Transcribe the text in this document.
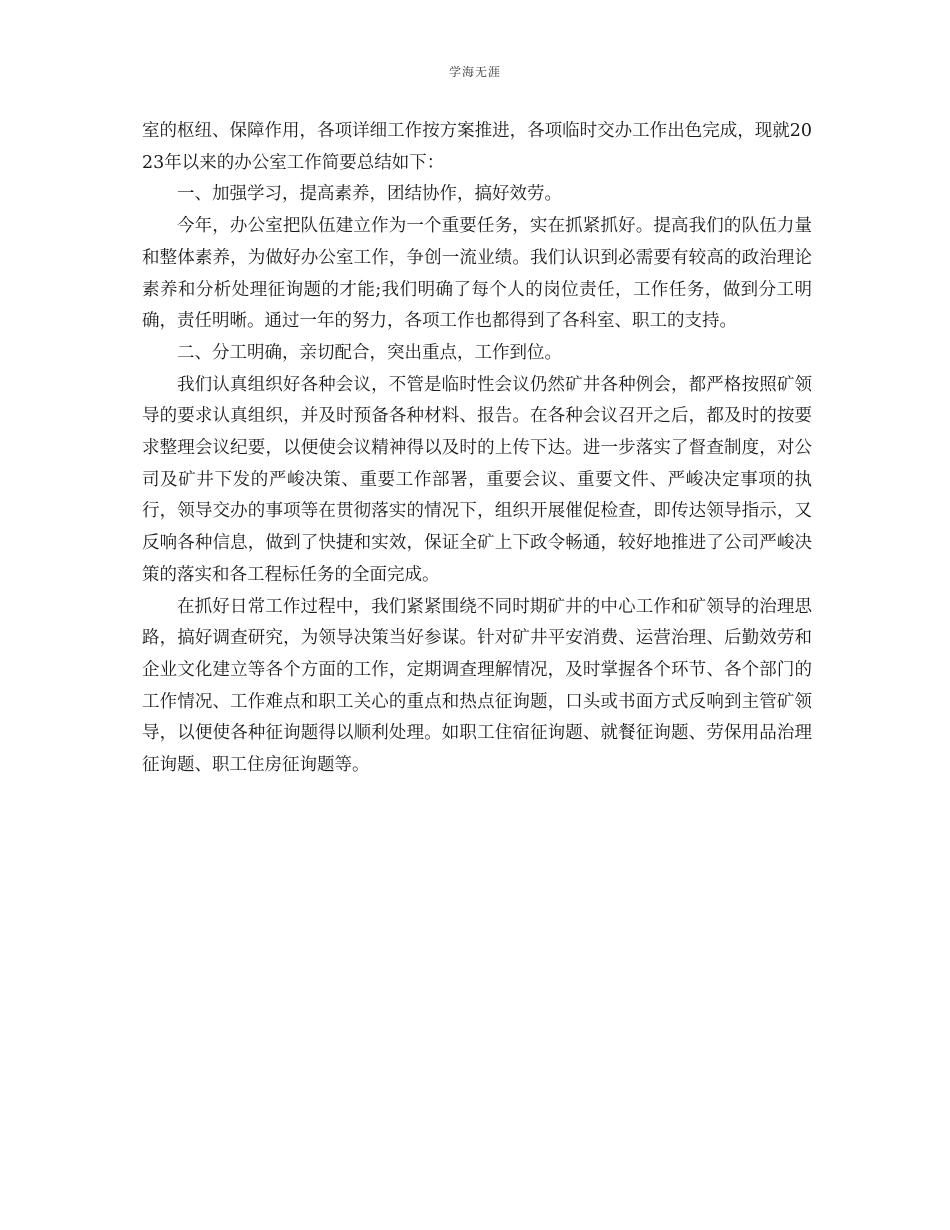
学海无涯

室的枢纽、保障作用，各项详细工作按方案推进，各项临时交办工作出色完成，现就2023年以来的办公室工作简要总结如下：

一、加强学习，提高素养，团结协作，搞好效劳。

今年，办公室把队伍建立作为一个重要任务，实在抓紧抓好。提高我们的队伍力量和整体素养，为做好办公室工作，争创一流业绩。我们认识到必需要有较高的政治理论素养和分析处理征询题的才能;我们明确了每个人的岗位责任，工作任务，做到分工明确，责任明晰。通过一年的努力，各项工作也都得到了各科室、职工的支持。

二、分工明确，亲切配合，突出重点，工作到位。

我们认真组织好各种会议，不管是临时性会议仍然矿井各种例会，都严格按照矿领导的要求认真组织，并及时预备各种材料、报告。在各种会议召开之后，都及时的按要求整理会议纪要，以便使会议精神得以及时的上传下达。进一步落实了督查制度，对公司及矿井下发的严峻决策、重要工作部署，重要会议、重要文件、严峻决定事项的执行，领导交办的事项等在贯彻落实的情况下，组织开展催促检查，即传达领导指示，又反响各种信息，做到了快捷和实效，保证全矿上下政令畅通，较好地推进了公司严峻决策的落实和各工程标任务的全面完成。

在抓好日常工作过程中，我们紧紧围绕不同时期矿井的中心工作和矿领导的治理思路，搞好调查研究，为领导决策当好参谋。针对矿井平安消费、运营治理、后勤效劳和企业文化建立等各个方面的工作，定期调查理解情况，及时掌握各个环节、各个部门的工作情况、工作难点和职工关心的重点和热点征询题，口头或书面方式反响到主管矿领导，以便使各种征询题得以顺利处理。如职工住宿征询题、就餐征询题、劳保用品治理征询题、职工住房征询题等。
